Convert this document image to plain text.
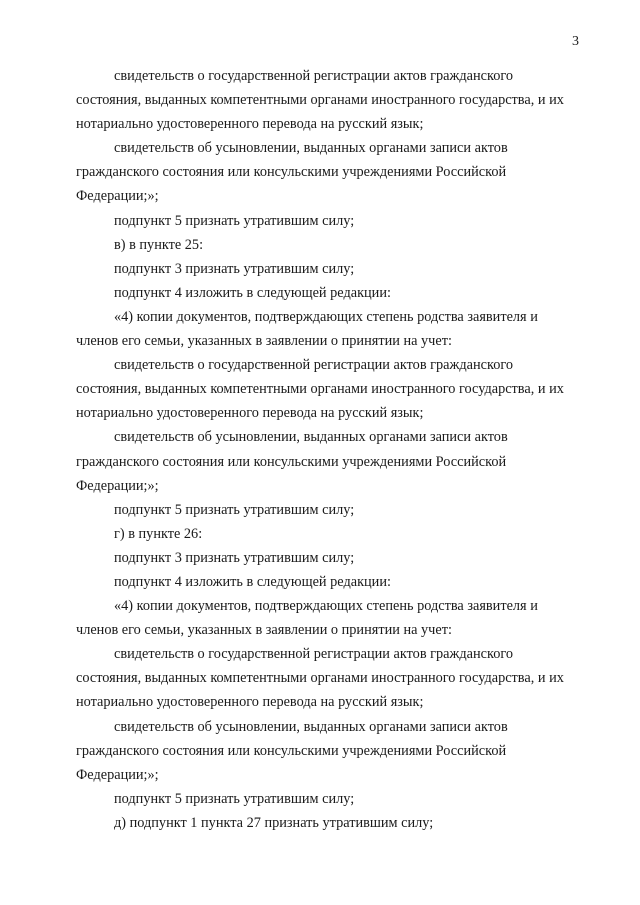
3

свидетельств о государственной регистрации актов гражданского состояния, выданных компетентными органами иностранного государства, и их нотариально удостоверенного перевода на русский язык;

свидетельств об усыновлении, выданных органами записи актов гражданского состояния или консульскими учреждениями Российской Федерации;»;

подпункт 5 признать утратившим силу;

в) в пункте 25:

подпункт 3 признать утратившим силу;

подпункт 4 изложить в следующей редакции:

«4) копии документов, подтверждающих степень родства заявителя и членов его семьи, указанных в заявлении о принятии на учет:

свидетельств о государственной регистрации актов гражданского состояния, выданных компетентными органами иностранного государства, и их нотариально удостоверенного перевода на русский язык;

свидетельств об усыновлении, выданных органами записи актов гражданского состояния или консульскими учреждениями Российской Федерации;»;

подпункт 5 признать утратившим силу;

г) в пункте 26:

подпункт 3 признать утратившим силу;

подпункт 4 изложить в следующей редакции:

«4) копии документов, подтверждающих степень родства заявителя и членов его семьи, указанных в заявлении о принятии на учет:

свидетельств о государственной регистрации актов гражданского состояния, выданных компетентными органами иностранного государства, и их нотариально удостоверенного перевода на русский язык;

свидетельств об усыновлении, выданных органами записи актов гражданского состояния или консульскими учреждениями Российской Федерации;»;

подпункт 5 признать утратившим силу;

д) подпункт 1 пункта 27 признать утратившим силу;
